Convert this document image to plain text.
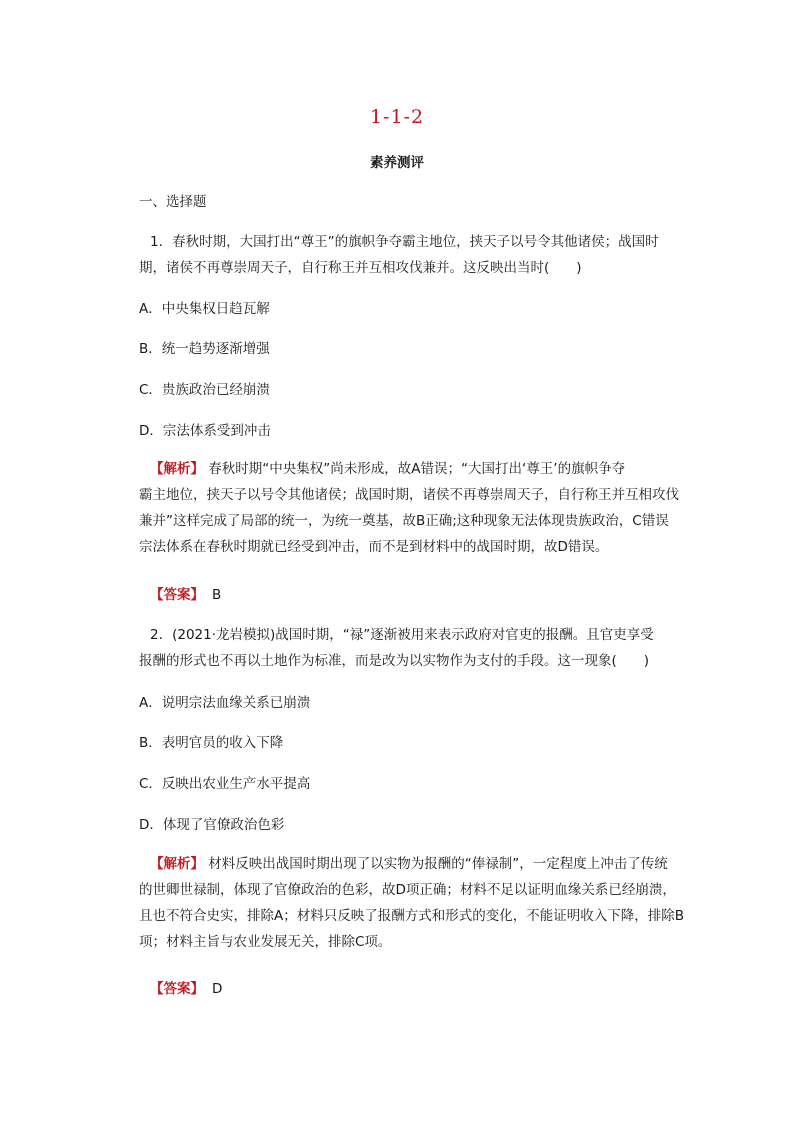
1-1-2
素养测评
一、选择题
1．春秋时期，大国打出“尊王”的旗帜争夺霸主地位，挟天子以号令其他诸侯；战国时
期，诸侯不再尊崇周天子，自行称王并互相攻伐兼并。这反映出当时(　　)
A．中央集权日趋瓦解
B．统一趋势逐渐增强
C．贵族政治已经崩溃
D．宗法体系受到冲击
【解析】 春秋时期“中央集权”尚未形成，故A错误；“大国打出‘尊王’的旗帜争夺
霸主地位，挟天子以号令其他诸侯；战国时期，诸侯不再尊崇周天子，自行称王并互相攻伐
兼并”这样完成了局部的统一，为统一奠基，故B正确;这种现象无法体现贵族政治，C错误
宗法体系在春秋时期就已经受到冲击，而不是到材料中的战国时期，故D错误。
【答案】 B
2．(2021·龙岩模拟)战国时期，“禄”逐渐被用来表示政府对官吏的报酬。且官吏享受
报酬的形式也不再以土地作为标准，而是改为以实物作为支付的手段。这一现象(　　)
A．说明宗法血缘关系已崩溃
B．表明官员的收入下降
C．反映出农业生产水平提高
D．体现了官僚政治色彩
【解析】 材料反映出战国时期出现了以实物为报酬的“俸禄制”，一定程度上冲击了传统
的世卿世禄制，体现了官僚政治的色彩，故D项正确；材料不足以证明血缘关系已经崩溃，
且也不符合史实，排除A；材料只反映了报酬方式和形式的变化，不能证明收入下降，排除B
项；材料主旨与农业发展无关，排除C项。
【答案】 D
